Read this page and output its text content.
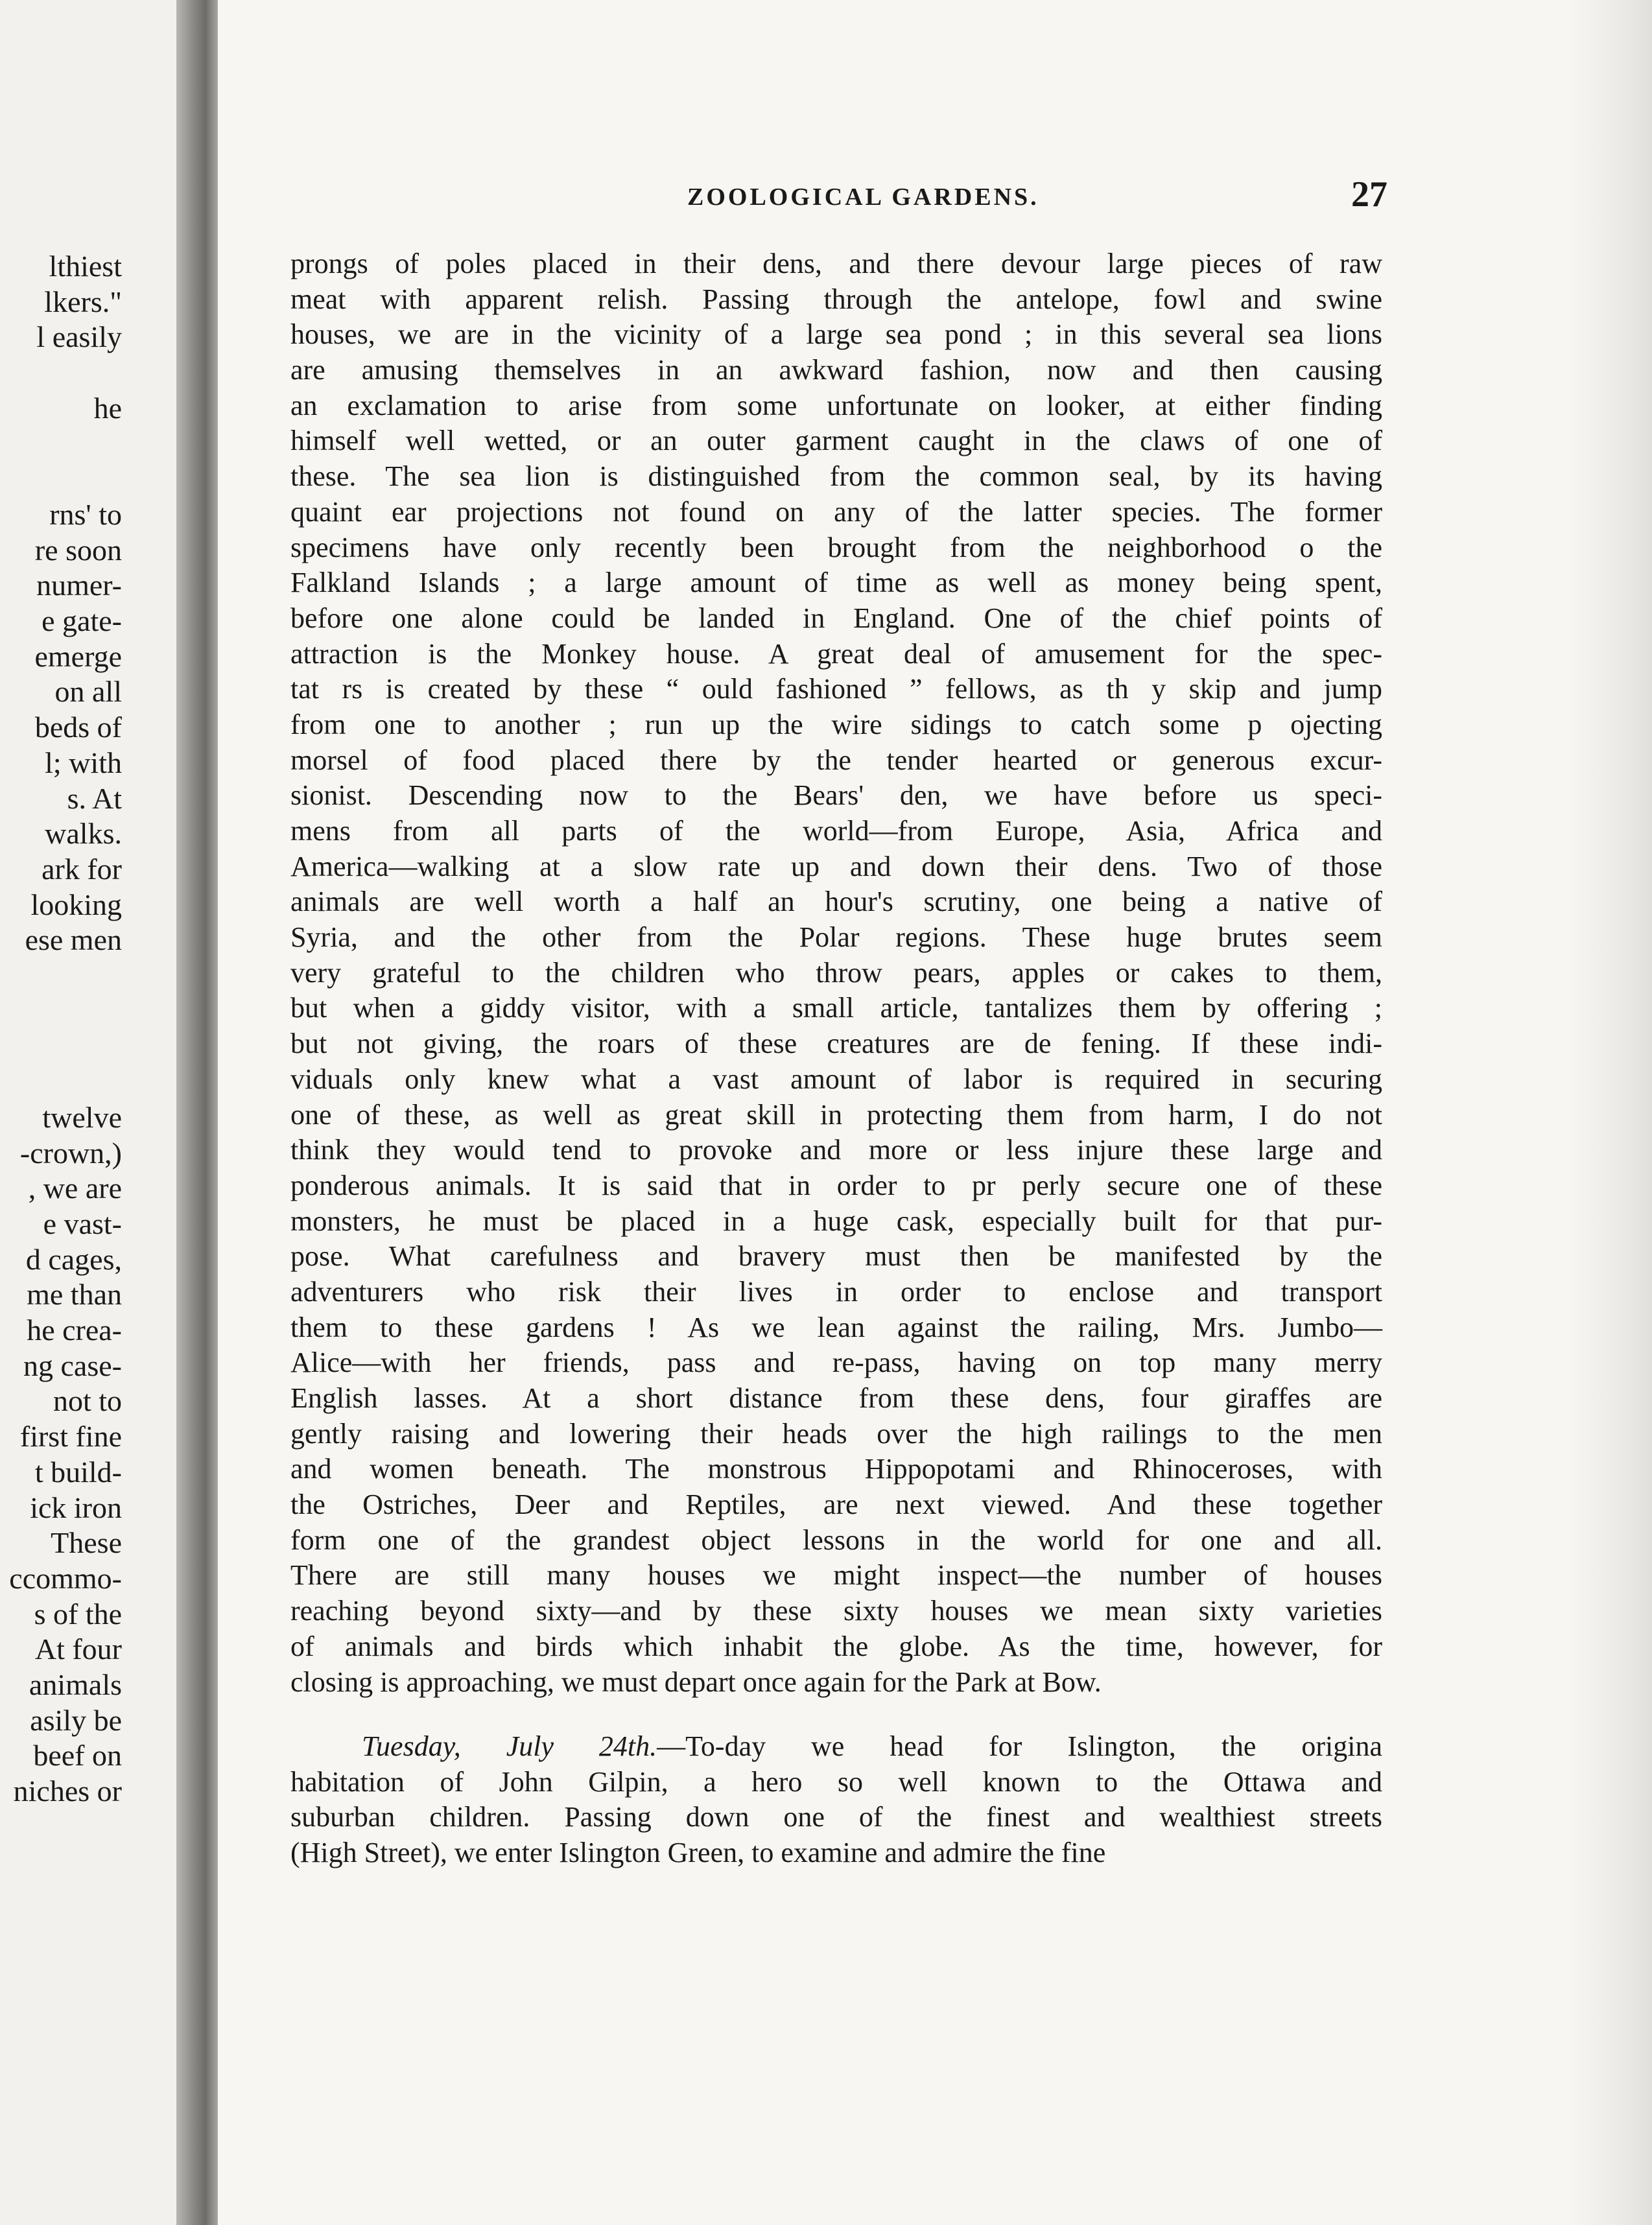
lthiest
lkers."
l easily
he
rns' to
re soon
numer-
e gate-
emerge
on all
beds of
l; with
s. At
walks.
ark for
looking
ese men
twelve
-crown,)
, we are
e vast-
d cages,
me than
he crea-
ng case-
not to
first fine
t build-
ick iron
These
ccommo-
s of the
At four
animals
asily be
beef on
niches or
ZOOLOGICAL GARDENS.	27
prongs of poles placed in their dens, and there devour large pieces of raw
meat with apparent relish. Passing through the antelope, fowl and swine
houses, we are in the vicinity of a large sea pond ; in this several sea lions
are amusing themselves in an awkward fashion, now and then causing
an exclamation to arise from some unfortunate on looker, at either finding
himself well wetted, or an outer garment caught in the claws of one of
these. The sea lion is distinguished from the common seal, by its having
quaint ear projections not found on any of the latter species. The former
specimens have only recently been brought from the neighborhood o the
Falkland Islands ; a large amount of time as well as money being spent,
before one alone could be landed in England. One of the chief points of
attraction is the Monkey house. A great deal of amusement for the spec-
tat rs is created by these “ ould fashioned ” fellows, as th y skip and jump
from one to another ; run up the wire sidings to catch some p ojecting
morsel of food placed there by the tender hearted or generous excur-
sionist. Descending now to the Bears' den, we have before us speci-
mens from all parts of the world—from Europe, Asia, Africa and
America—walking at a slow rate up and down their dens. Two of those
animals are well worth a half an hour's scrutiny, one being a native of
Syria, and the other from the Polar regions. These huge brutes seem
very grateful to the children who throw pears, apples or cakes to them,
but when a giddy visitor, with a small article, tantalizes them by offering ;
but not giving, the roars of these creatures are de fening. If these indi-
viduals only knew what a vast amount of labor is required in securing
one of these, as well as great skill in protecting them from harm, I do not
think they would tend to provoke and more or less injure these large and
ponderous animals. It is said that in order to pr perly secure one of these
monsters, he must be placed in a huge cask, especially built for that pur-
pose. What carefulness and bravery must then be manifested by the
adventurers who risk their lives in order to enclose and transport
them to these gardens ! As we lean against the railing, Mrs. Jumbo—
Alice—with her friends, pass and re-pass, having on top many merry
English lasses. At a short distance from these dens, four giraffes are
gently raising and lowering their heads over the high railings to the men
and women beneath. The monstrous Hippopotami and Rhinoceroses, with
the Ostriches, Deer and Reptiles, are next viewed. And these together
form one of the grandest object lessons in the world for one and all.
There are still many houses we might inspect—the number of houses
reaching beyond sixty—and by these sixty houses we mean sixty varieties
of animals and birds which inhabit the globe. As the time, however, for
closing is approaching, we must depart once again for the Park at Bow.
Tuesday, July 24th.—To-day we head for Islington, the origina
habitation of John Gilpin, a hero so well known to the Ottawa and
suburban children. Passing down one of the finest and wealthiest streets
(High Street), we enter Islington Green, to examine and admire the fine
